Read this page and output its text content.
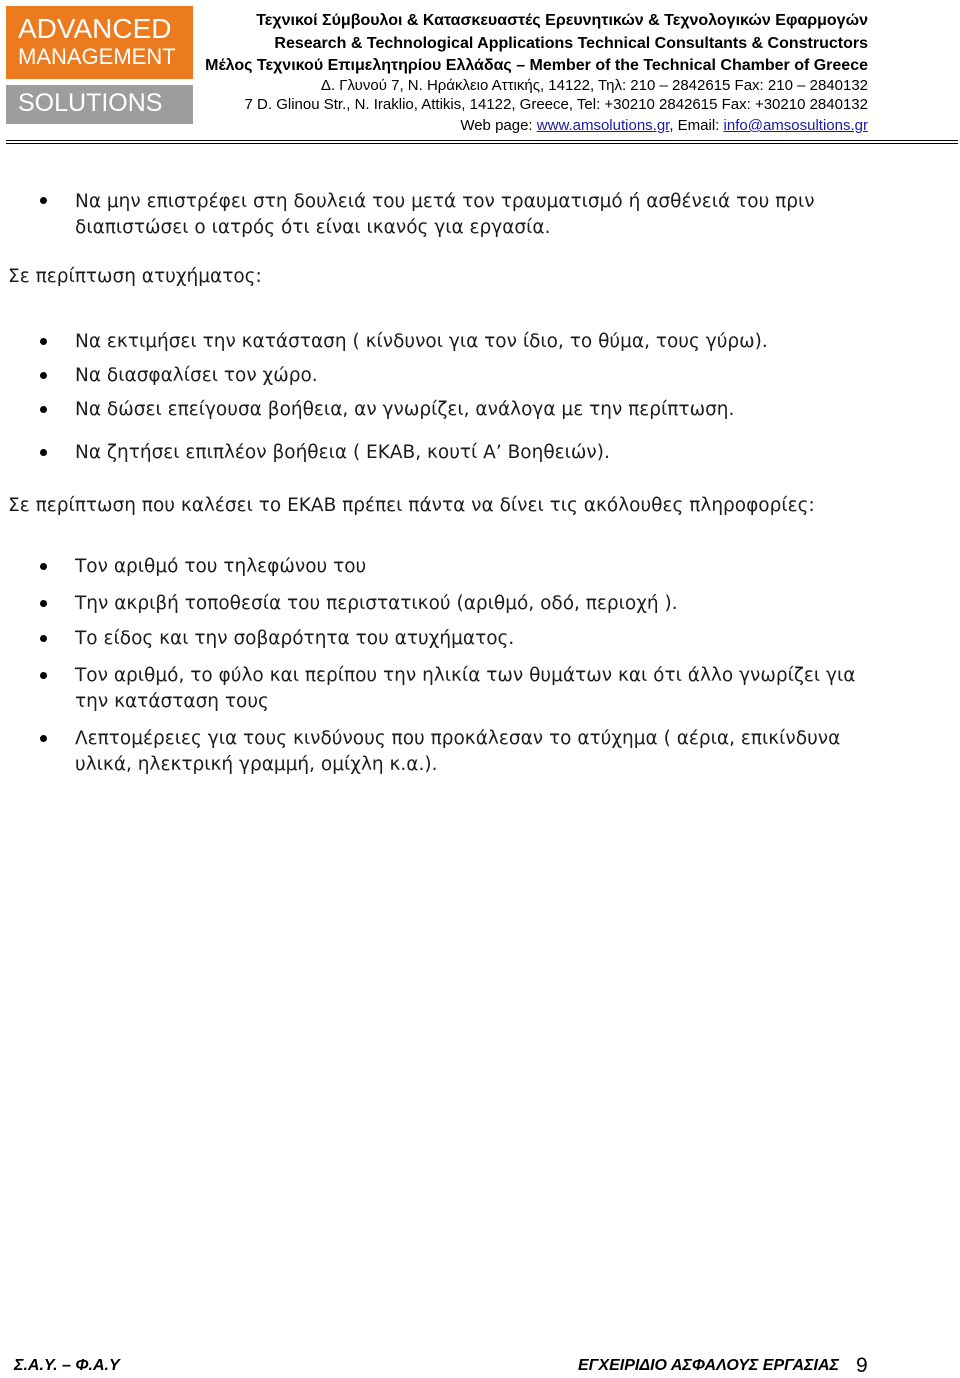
ADVANCED
MANAGEMENT
SOLUTIONS
Τεχνικοί Σύμβουλοι & Κατασκευαστές Ερευνητικών & Τεχνολογικών Εφαρμογών
Research & Technological Applications Technical Consultants & Constructors
Μέλος Τεχνικού Επιμελητηρίου Ελλάδας – Member of the Technical Chamber of Greece
Δ. Γλυνού 7, Ν. Ηράκλειο Αττικής, 14122, Τηλ: 210 – 2842615 Fax: 210 – 2840132
7 D. Glinou Str., N. Iraklio, Attikis, 14122, Greece, Tel: +30210 2842615 Fax: +30210 2840132
Web page: www.amsolutions.gr, Email: info@amsosultions.gr
Να μην επιστρέφει στη δουλειά του μετά τον τραυματισμό ή ασθένειά του πριν
διαπιστώσει ο ιατρός ότι είναι ικανός για εργασία.
Σε περίπτωση ατυχήματος:
Να εκτιμήσει την κατάσταση ( κίνδυνοι για τον ίδιο, το θύμα, τους γύρω).
Να διασφαλίσει τον χώρο.
Να δώσει επείγουσα βοήθεια, αν γνωρίζει, ανάλογα με την περίπτωση.
Να ζητήσει επιπλέον βοήθεια ( ΕΚΑΒ, κουτί Α’ Βοηθειών).
Σε περίπτωση που καλέσει το ΕΚΑΒ πρέπει πάντα να δίνει τις ακόλουθες πληροφορίες:
Τον αριθμό του τηλεφώνου του
Την ακριβή τοποθεσία του περιστατικού (αριθμό, οδό, περιοχή ).
Το είδος και την σοβαρότητα του ατυχήματος.
Τον αριθμό, το φύλο και περίπου την ηλικία των θυμάτων και ότι άλλο γνωρίζει για
την κατάσταση τους
Λεπτομέρειες για τους κινδύνους που προκάλεσαν το ατύχημα ( αέρια, επικίνδυνα
υλικά, ηλεκτρική γραμμή, ομίχλη κ.α.).
Σ.Α.Υ. – Φ.Α.Υ	ΕΓΧΕΙΡΙΔΙΟ ΑΣΦΑΛΟΥΣ ΕΡΓΑΣΙΑΣ 9
